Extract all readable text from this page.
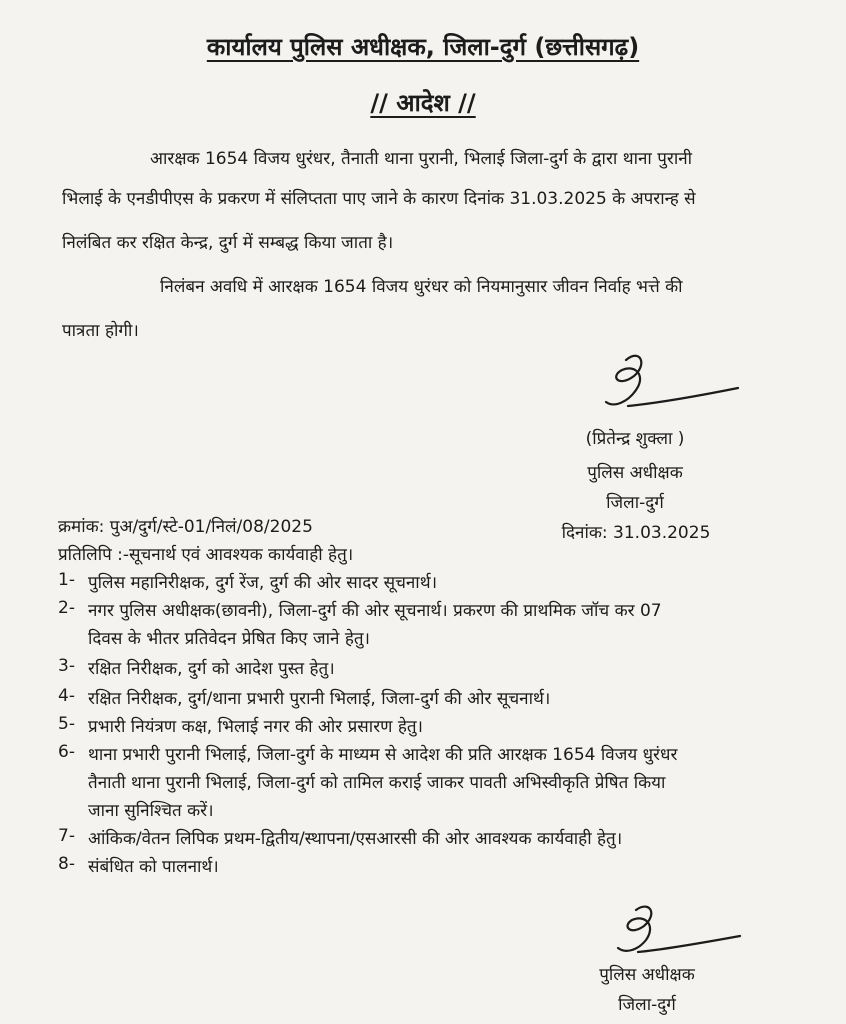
कार्यालय पुलिस अधीक्षक, जिला-दुर्ग (छत्तीसगढ़)
// आदेश //
आरक्षक 1654 विजय धुरंधर, तैनाती थाना पुरानी, भिलाई जिला-दुर्ग के द्वारा थाना पुरानी
भिलाई के एनडीपीएस के प्रकरण में संलिप्तता पाए जाने के कारण दिनांक 31.03.2025 के अपरान्ह से
निलंबित कर रक्षित केन्द्र, दुर्ग में सम्बद्ध किया जाता है।
निलंबन अवधि में आरक्षक 1654 विजय धुरंधर को नियमानुसार जीवन निर्वाह भत्ते की
पात्रता होगी।
(प्रितेन्द्र शुक्ला )
पुलिस अधीक्षक
जिला-दुर्ग
दिनांक: 31.03.2025
क्रमांक: पुअ/दुर्ग/स्टे-01/निलं/08/2025
प्रतिलिपि :-सूचनार्थ एवं आवश्यक कार्यवाही हेतु।
1- पुलिस महानिरीक्षक, दुर्ग रेंज, दुर्ग की ओर सादर सूचनार्थ।
2- नगर पुलिस अधीक्षक(छावनी), जिला-दुर्ग की ओर सूचनार्थ। प्रकरण की प्राथमिक जॉच कर 07
दिवस के भीतर प्रतिवेदन प्रेषित किए जाने हेतु।
3- रक्षित निरीक्षक, दुर्ग को आदेश पुस्त हेतु।
4- रक्षित निरीक्षक, दुर्ग/थाना प्रभारी पुरानी भिलाई, जिला-दुर्ग की ओर सूचनार्थ।
5- प्रभारी नियंत्रण कक्ष, भिलाई नगर की ओर प्रसारण हेतु।
6- थाना प्रभारी पुरानी भिलाई, जिला-दुर्ग के माध्यम से आदेश की प्रति आरक्षक 1654 विजय धुरंधर
तैनाती थाना पुरानी भिलाई, जिला-दुर्ग को तामिल कराई जाकर पावती अभिस्वीकृति प्रेषित किया
जाना सुनिश्चित करें।
7- आंकिक/वेतन लिपिक प्रथम-द्वितीय/स्थापना/एसआरसी की ओर आवश्यक कार्यवाही हेतु।
8- संबंधित को पालनार्थ।
पुलिस अधीक्षक
जिला-दुर्ग
